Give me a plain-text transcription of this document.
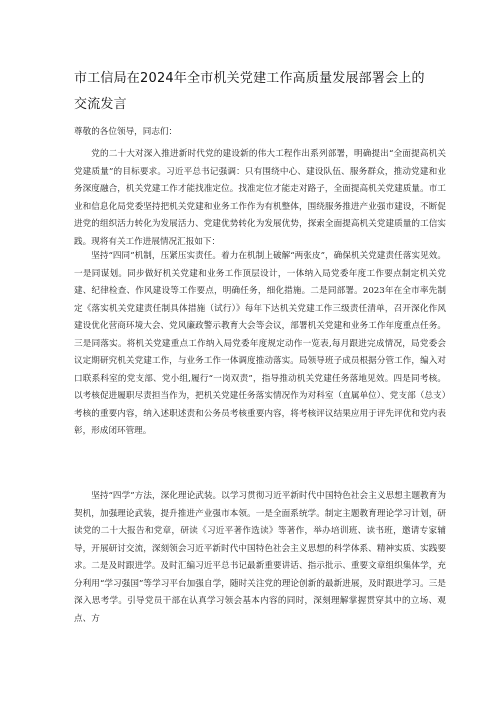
市工信局在2024年全市机关党建工作高质量发展部署会上的交流发言
尊敬的各位领导，同志们：

党的二十大对深入推进新时代党的建设新的伟大工程作出系列部署，明确提出“全面提高机关党建质量”的目标要求。习近平总书记强调：只有围绕中心、建设队伍、服务群众，推动党建和业务深度融合，机关党建工作才能找准定位。找准定位才能走对路子，全面提高机关党建质量。市工业和信息化局党委坚持把机关党建和业务工作作为有机整体，围绕服务推进产业强市建设，不断促进党的组织活力转化为发展活力、党建优势转化为发展优势，探索全面提高机关党建质量的工信实践。现将有关工作进展情况汇报如下：

坚持“四同”机制，压紧压实责任。着力在机制上破解“两张皮”，确保机关党建责任落实见效。一是同谋划。同步做好机关党建和业务工作顶层设计，一体纳入局党委年度工作要点制定机关党建、纪律检查、作风建设等工作要点，明确任务，细化措施。二是同部署。2023年在全市率先制定《落实机关党建责任制具体措施（试行）》每年下达机关党建工作三级责任清单，召开深化作风建设优化营商环境大会、党风廉政警示教育大会等会议，部署机关党建和业务工作年度重点任务。三是同落实。将机关党建重点工作纳入局党委年度规定动作一览表,每月跟进完成情况，局党委会议定期研究机关党建工作，与业务工作一体调度推动落实。局领导班子成员根据分管工作，编入对口联系科室的党支部、党小组,履行“一岗双责”，指导推动机关党建任务落地见效。四是同考核。以考核促进履职尽责担当作为，把机关党建任务落实情况作为对科室（直属单位）、党支部（总支）考核的重要内容，纳入述职述责和公务员考核重要内容，将考核评议结果应用于评先评优和党内表彰，形成闭环管理。

坚持“四学”方法，深化理论武装。以学习贯彻习近平新时代中国特色社会主义思想主题教育为契机，加强理论武装，提升推进产业强市本领。一是全面系统学。制定主题教育理论学习计划，研读党的二十大报告和党章，研读《习近平著作选读》等著作，举办培训班、读书班，邀请专家辅导，开展研讨交流，深刻领会习近平新时代中国特色社会主义思想的科学体系、精神实质、实践要求。二是及时跟进学。及时汇编习近平总书记最新重要讲话、指示批示、重要文章组织集体学，充分利用“学习强国”等学习平台加强自学，随时关注党的理论创新的最新进展，及时跟进学习。三是深入思考学。引导党员干部在认真学习领会基本内容的同时，深刻理解掌握贯穿其中的立场、观点、方
